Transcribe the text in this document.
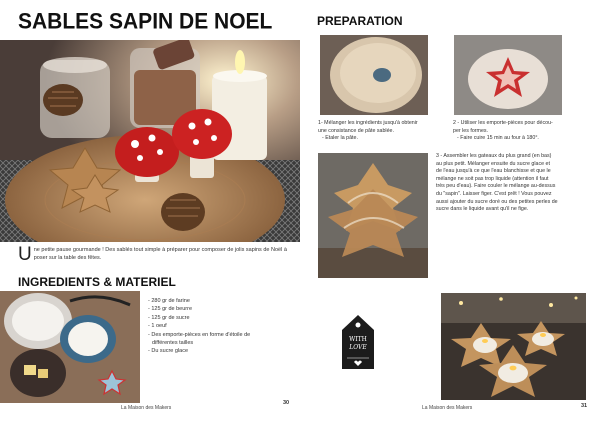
SABLES SAPIN DE NOEL
U ne petite pause gourmande ! Des sablés tout simple à préparer pour composer de jolis sapins de Noël à poser sur la table des fêtes.
INGREDIENTS & MATERIEL
- 280 gr de farine
- 125 gr de beurre
- 125 gr de sucre
- 1 oeuf
- Des emporte-pièces en forme d'étoile de
différentes tailles
- Du sucre glace
La Maison des Makers
30
PREPARATION
1- Mélanger les ingrédients jusqu'à obtenir
une consistance de pâte sablée.
- Etaler la pâte.
2 - Utiliser les emporte-pièces pour décou-
per les formes.
- Faire cuire 15 min au four à 180°.
3 - Assembler les gateaux du plus grand (en bas)
au plus petit. Mélanger ensuite du sucre glace et
de l'eau jusqu'à ce que l'eau blanchisse et que le
mélange ne soit pas trop liquide (attention il faut
très peu d'eau). Faire couler le mélange au-dessus
du "sapin". Laisser figer. C'est prêt ! Vous pouvez
aussi ajouter du sucre doré ou des petites perles de
sucre dans le liquide avant qu'il ne fige.
WITH
LOVE
La Maison des Makers	31
